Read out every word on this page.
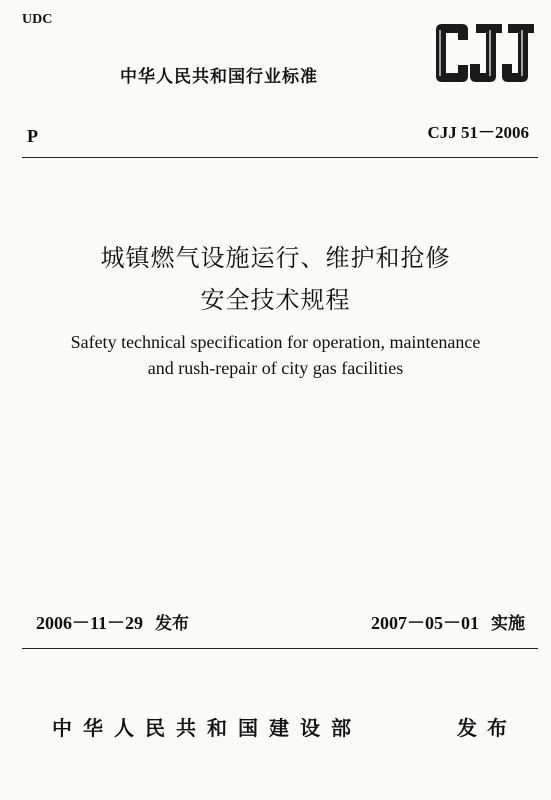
UDC
中华人民共和国行业标准
P	CJJ 51－2006
城镇燃气设施运行、维护和抢修
安全技术规程
Safety technical specification for operation, maintenance
and rush-repair of city gas facilities
2006－11－29 发布	2007－05－01 实施
中华人民共和国建设部	发布
